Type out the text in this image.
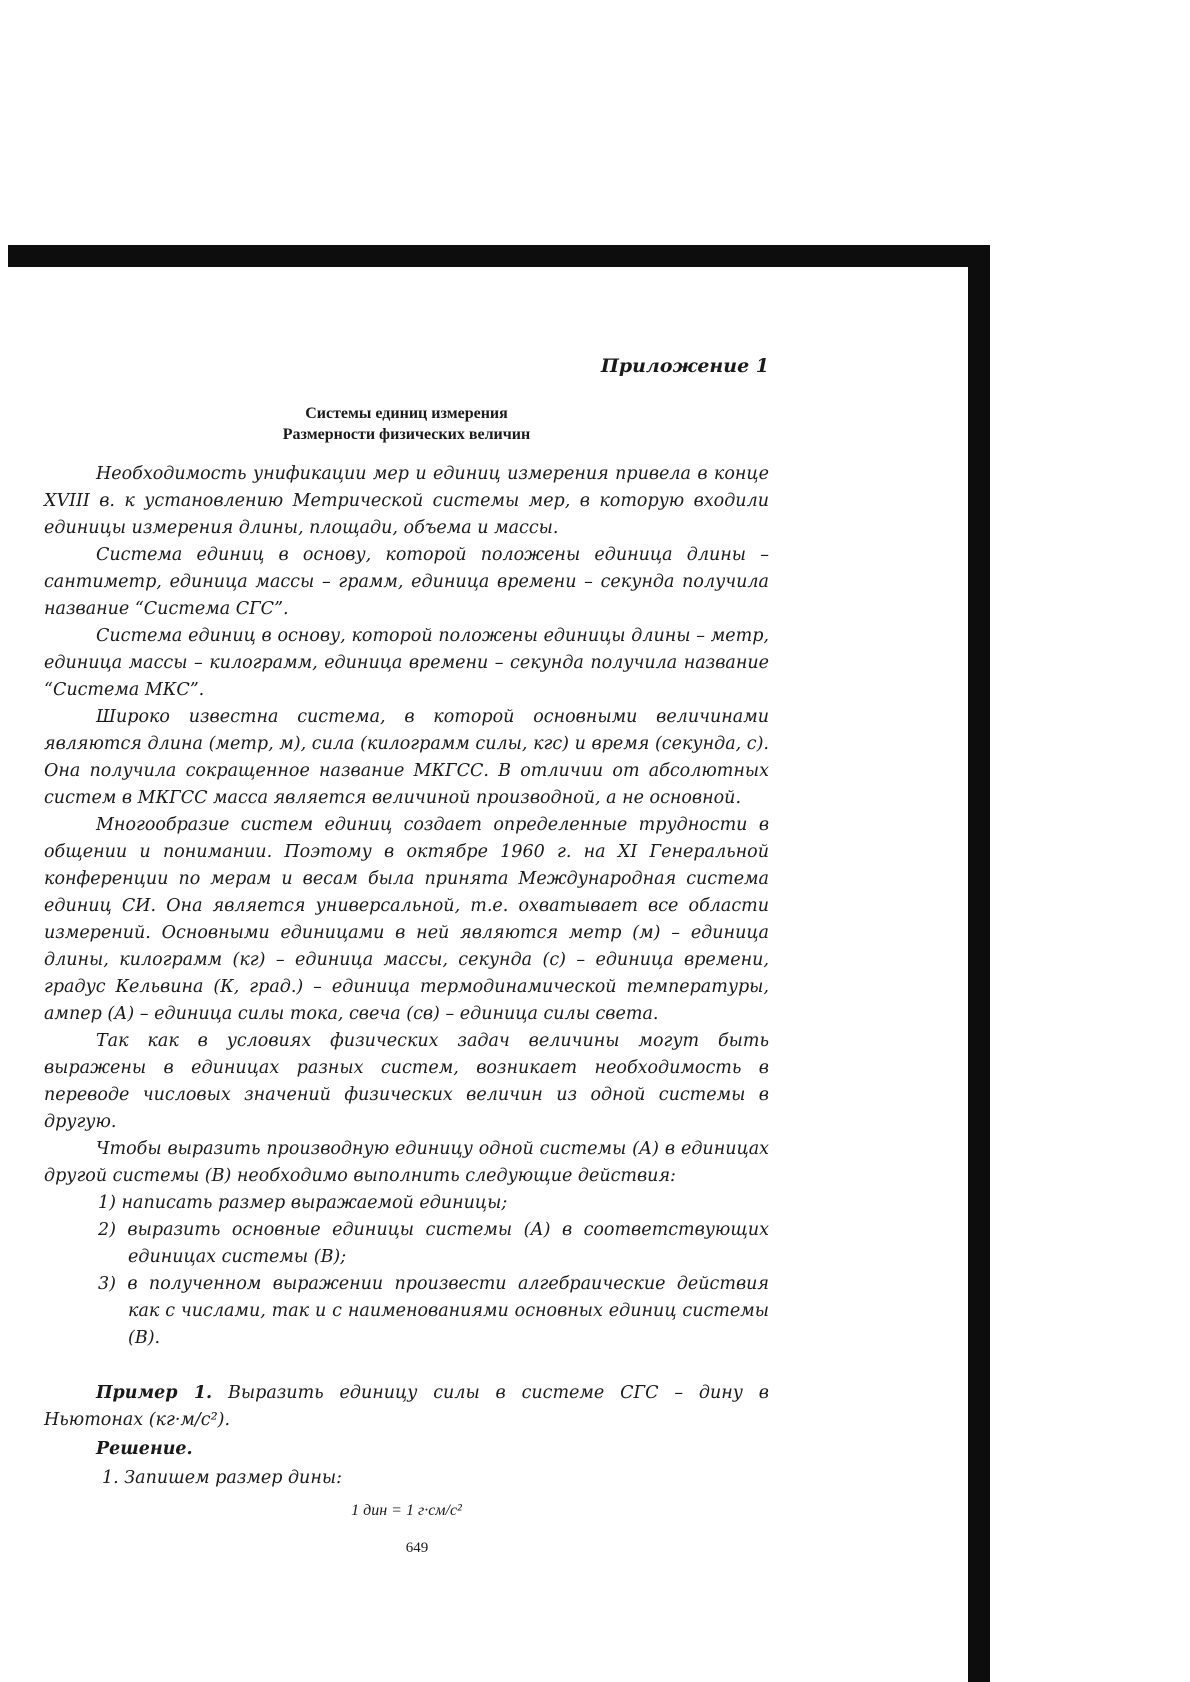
Приложение 1

Системы единиц измерения
Размерности физических величин

Необходимость унификации мер и единиц измерения привела в конце XVIII в. к установлению Метрической системы мер, в которую входили единицы измерения длины, площади, объема и массы.

Система единиц в основу, которой положены единица длины – сантиметр, единица массы – грамм, единица времени – секунда получила название “Система СГС”.

Система единиц в основу, которой положены единицы длины – метр, единица массы – килограмм, единица времени – секунда получила название “Система МКС”.

Широко известна система, в которой основными величинами являются длина (метр, м), сила (килограмм силы, кгс) и время (секунда, с). Она получила сокращенное название МКГСС. В отличии от абсолютных систем в МКГСС масса является величиной производной, а не основной.

Многообразие систем единиц создает определенные трудности в общении и понимании. Поэтому в октябре 1960 г. на XI Генеральной конференции по мерам и весам была принята Международная система единиц СИ. Она является универсальной, т.е. охватывает все области измерений. Основными единицами в ней являются метр (м) – единица длины, килограмм (кг) – единица массы, секунда (с) – единица времени, градус Кельвина (К, град.) – единица термодинамической температуры, ампер (А) – единица силы тока, свеча (св) – единица силы света.

Так как в условиях физических задач величины могут быть выражены в единицах разных систем, возникает необходимость в переводе числовых значений физических величин из одной системы в другую.

Чтобы выразить производную единицу одной системы (А) в единицах другой системы (В) необходимо выполнить следующие действия:

1) написать размер выражаемой единицы;
2) выразить основные единицы системы (А) в соответствующих единицах системы (В);
3) в полученном выражении произвести алгебраические действия как с числами, так и с наименованиями основных единиц системы (В).

Пример 1. Выразить единицу силы в системе СГС – дину в Ньютонах (кг·м/с²).

Решение.

1. Запишем размер дины:

1 дин = 1 г·см/с²

649
